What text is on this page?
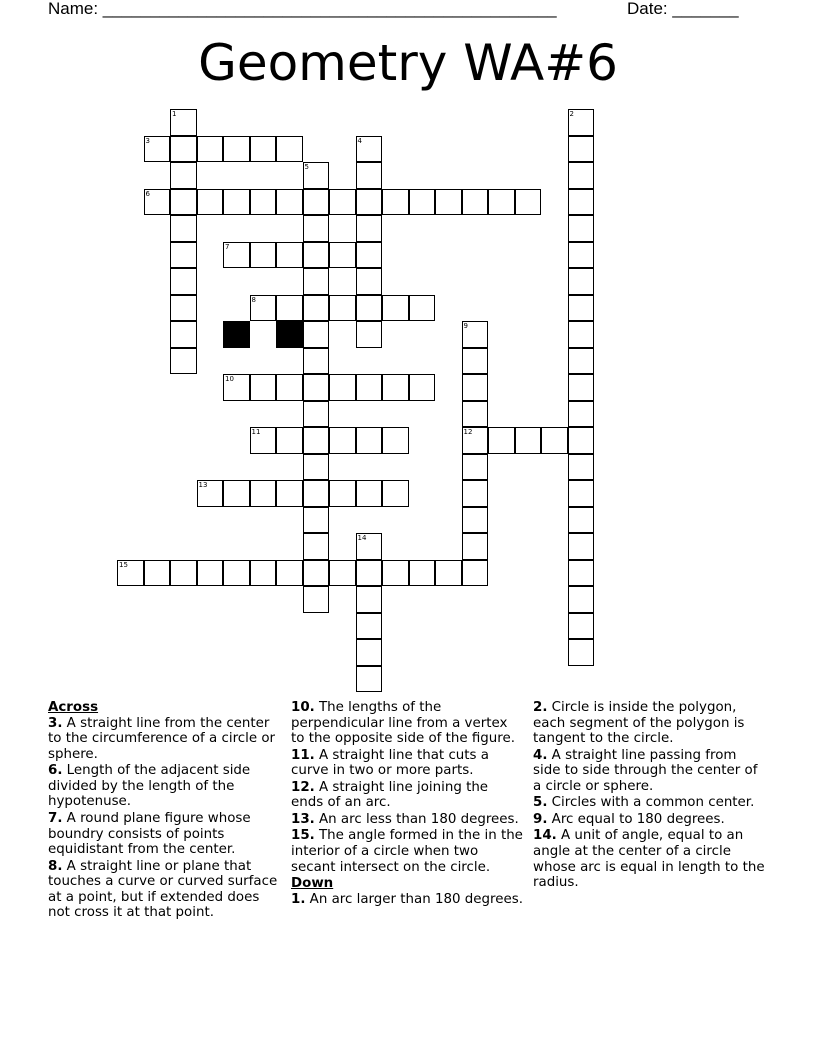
Name: ________________________________________________	Date: _______
Geometry WA#6
3
6
7
8
10
11	12
13
15
1	2
4
5
9
14
Across
3. A straight line from the center to the circumference of a circle or sphere.
6. Length of the adjacent side divided by the length of the hypotenuse.
7. A round plane figure whose boundry consists of points equidistant from the center.
8. A straight line or plane that touches a curve or curved surface at a point, but if extended does not cross it at that point.
10. The lengths of the perpendicular line from a vertex to the opposite side of the figure.
11. A straight line that cuts a curve in two or more parts.
12. A straight line joining the ends of an arc.
13. An arc less than 180 degrees.
15. The angle formed in the in the interior of a circle when two secant intersect on the circle.
Down
1. An arc larger than 180 degrees.
2. Circle is inside the polygon, each segment of the polygon is tangent to the circle.
4. A straight line passing from side to side through the center of a circle or sphere.
5. Circles with a common center.
9. Arc equal to 180 degrees.
14. A unit of angle, equal to an angle at the center of a circle whose arc is equal in length to the radius.
